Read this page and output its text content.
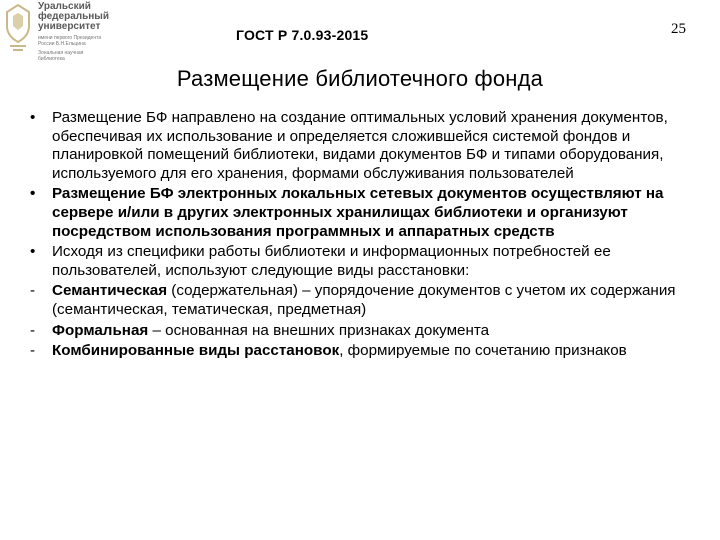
Уральский
федеральный
университет
имени первого Президента
России Б.Н.Ельцина
Зональная научная
библиотека
ГОСТ Р 7.0.93-2015	25
Размещение библиотечного фонда
•	Размещение БФ направлено на создание оптимальных условий хранения документов, обеспечивая их использование и определяется сложившейся системой фондов и планировкой помещений библиотеки, видами документов БФ и типами оборудования, используемого для его хранения, формами обслуживания пользователей
•	Размещение БФ электронных локальных сетевых документов осуществляют на сервере и/или в других электронных хранилищах библиотеки и организуют посредством использования программных и аппаратных средств
•	Исходя из специфики работы библиотеки и информационных потребностей ее пользователей, используют следующие виды расстановки:
-	Семантическая (содержательная) – упорядочение документов с учетом их содержания (семантическая, тематическая, предметная)
-	Формальная – основанная на внешних признаках документа
-	Комбинированные виды расстановок, формируемые по сочетанию признаков
